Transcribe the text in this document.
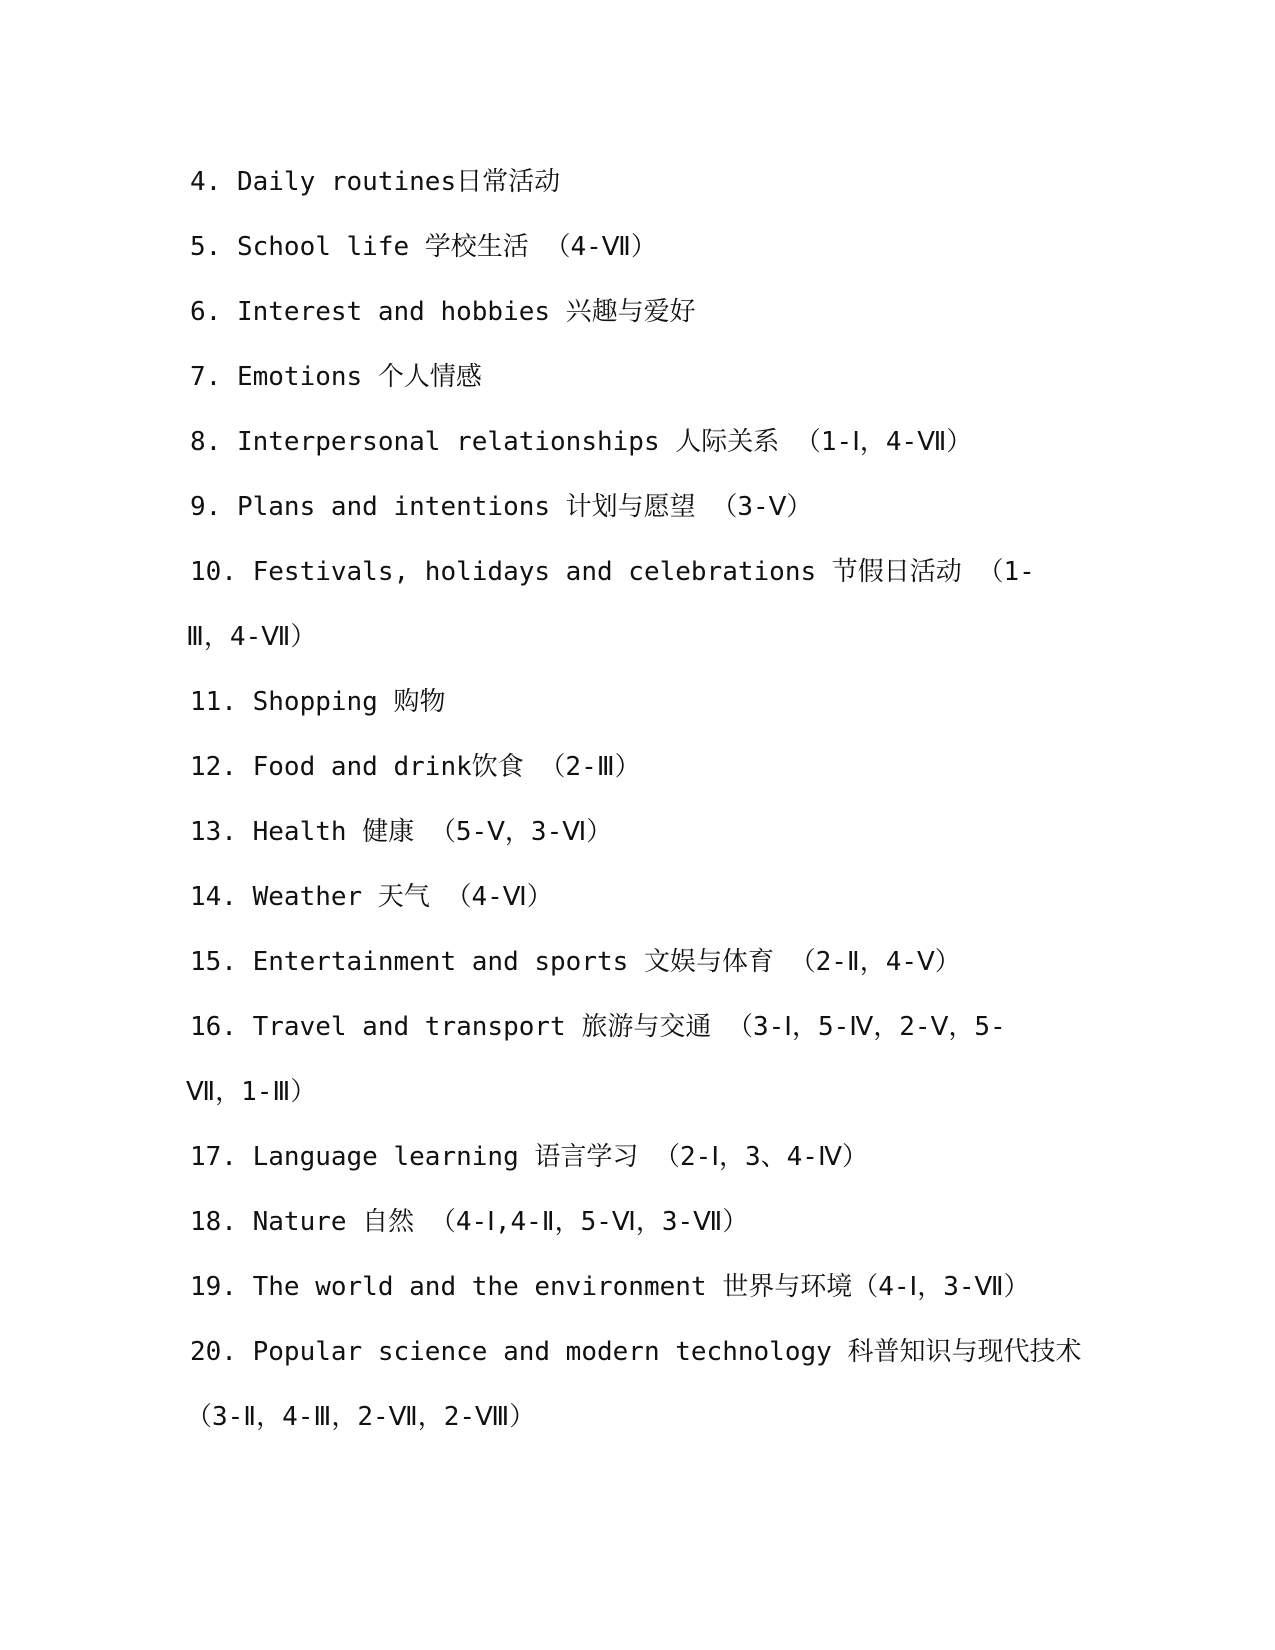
4. Daily routines日常活动
5. School life 学校生活 （4-Ⅶ）
6. Interest and hobbies 兴趣与爱好
7. Emotions 个人情感
8. Interpersonal relationships 人际关系 （1-Ⅰ，4-Ⅶ）
9. Plans and intentions 计划与愿望 （3-Ⅴ）
10. Festivals, holidays and celebrations 节假日活动 （1-
Ⅲ，4-Ⅶ）
11. Shopping 购物
12. Food and drink饮食 （2-Ⅲ）
13. Health 健康 （5-Ⅴ，3-Ⅵ）
14. Weather 天气 （4-Ⅵ）
15. Entertainment and sports 文娱与体育 （2-Ⅱ，4-Ⅴ）
16. Travel and transport 旅游与交通 （3-Ⅰ，5-Ⅳ，2-Ⅴ，5-
Ⅶ，1-Ⅲ）
17. Language learning 语言学习 （2-Ⅰ，3、4-Ⅳ）
18. Nature 自然 （4-Ⅰ,4-Ⅱ，5-Ⅵ，3-Ⅶ）
19. The world and the environment 世界与环境（4-Ⅰ，3-Ⅶ）
20. Popular science and modern technology 科普知识与现代技术
（3-Ⅱ，4-Ⅲ，2-Ⅶ，2-Ⅷ）
